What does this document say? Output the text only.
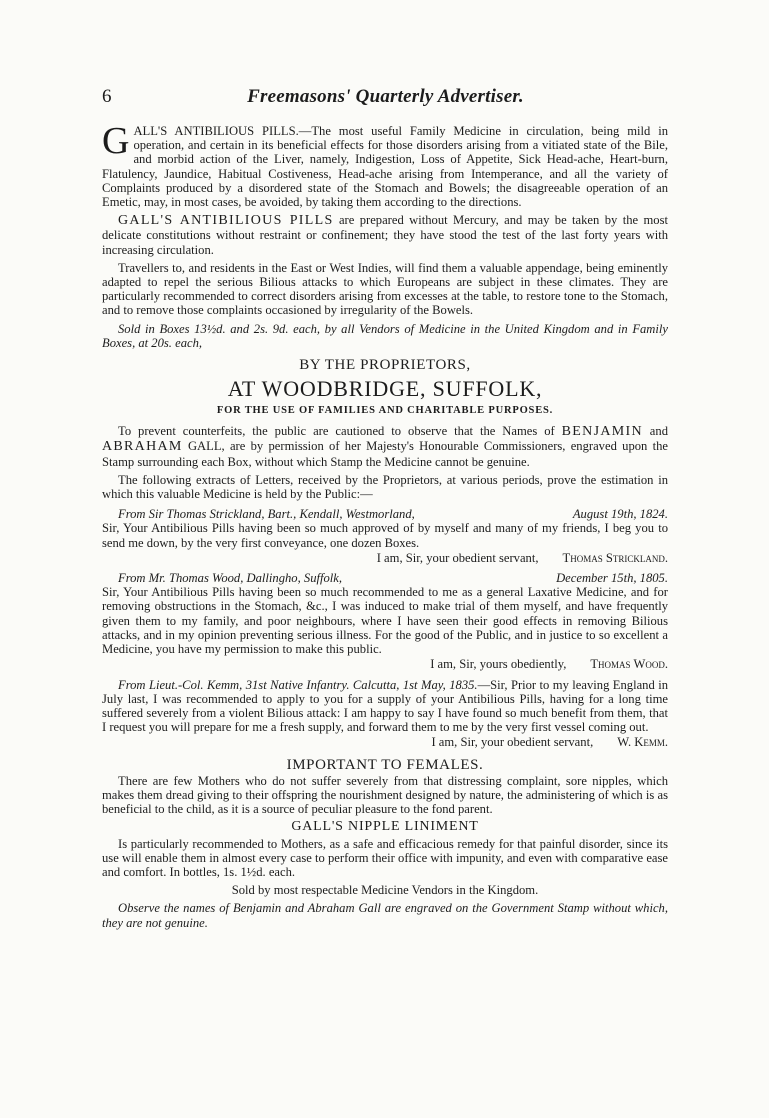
6	Freemasons' Quarterly Advertiser.

GALL'S ANTIBILIOUS PILLS.—The most useful Family Medicine in circulation, being mild in operation, and certain in its beneficial effects for those disorders arising from a vitiated state of the Bile, and morbid action of the Liver, namely, Indigestion, Loss of Appetite, Sick Head-ache, Heart-burn, Flatulency, Jaundice, Habitual Costiveness, Head-ache arising from Intemperance, and all the variety of Complaints produced by a disordered state of the Stomach and Bowels; the disagreeable operation of an Emetic, may, in most cases, be avoided, by taking them according to the directions.

GALL'S ANTIBILIOUS PILLS are prepared without Mercury, and may be taken by the most delicate constitutions without restraint or confinement; they have stood the test of the last forty years with increasing circulation.

Travellers to, and residents in the East or West Indies, will find them a valuable appendage, being eminently adapted to repel the serious Bilious attacks to which Europeans are subject in these climates. They are particularly recommended to correct disorders arising from excesses at the table, to restore tone to the Stomach, and to remove those complaints occasioned by irregularity of the Bowels.

Sold in Boxes 13½d. and 2s. 9d. each, by all Vendors of Medicine in the United Kingdom and in Family Boxes, at 20s. each,

BY THE PROPRIETORS,
AT WOODBRIDGE, SUFFOLK,
FOR THE USE OF FAMILIES AND CHARITABLE PURPOSES.

To prevent counterfeits, the public are cautioned to observe that the Names of BENJAMIN and ABRAHAM GALL, are by permission of her Majesty's Honourable Commissioners, engraved upon the Stamp surrounding each Box, without which Stamp the Medicine cannot be genuine.

The following extracts of Letters, received by the Proprietors, at various periods, prove the estimation in which this valuable Medicine is held by the Public:—

From Sir Thomas Strickland, Bart., Kendall, Westmorland,	August 19th, 1824.

Sir, Your Antibilious Pills having been so much approved of by myself and many of my friends, I beg you to send me down, by the very first conveyance, one dozen Boxes.

I am, Sir, your obedient servant, Thomas Strickland.

From Mr. Thomas Wood, Dallingho, Suffolk,	December 15th, 1805.

Sir, Your Antibilious Pills having been so much recommended to me as a general Laxative Medicine, and for removing obstructions in the Stomach, &c., I was induced to make trial of them myself, and have frequently given them to my family, and poor neighbours, where I have seen their good effects in removing Bilious attacks, and in my opinion preventing serious illness. For the good of the Public, and in justice to so excellent a Medicine, you have my permission to make this public.

I am, Sir, yours obediently, Thomas Wood.

From Lieut.-Col. Kemm, 31st Native Infantry. Calcutta, 1st May, 1835.—Sir, Prior to my leaving England in July last, I was recommended to apply to you for a supply of your Antibilious Pills, having for a long time suffered severely from a violent Bilious attack: I am happy to say I have found so much benefit from them, that I request you will prepare for me a fresh supply, and forward them to me by the very first vessel coming out.

I am, Sir, your obedient servant, W. Kemm.

IMPORTANT TO FEMALES.

There are few Mothers who do not suffer severely from that distressing complaint, sore nipples, which makes them dread giving to their offspring the nourishment designed by nature, the administering of which is as beneficial to the child, as it is a source of peculiar pleasure to the fond parent.

GALL'S NIPPLE LINIMENT

Is particularly recommended to Mothers, as a safe and efficacious remedy for that painful disorder, since its use will enable them in almost every case to perform their office with impunity, and even with comparative ease and comfort. In bottles, 1s. 1½d. each.

Sold by most respectable Medicine Vendors in the Kingdom.

Observe the names of Benjamin and Abraham Gall are engraved on the Government Stamp without which, they are not genuine.
